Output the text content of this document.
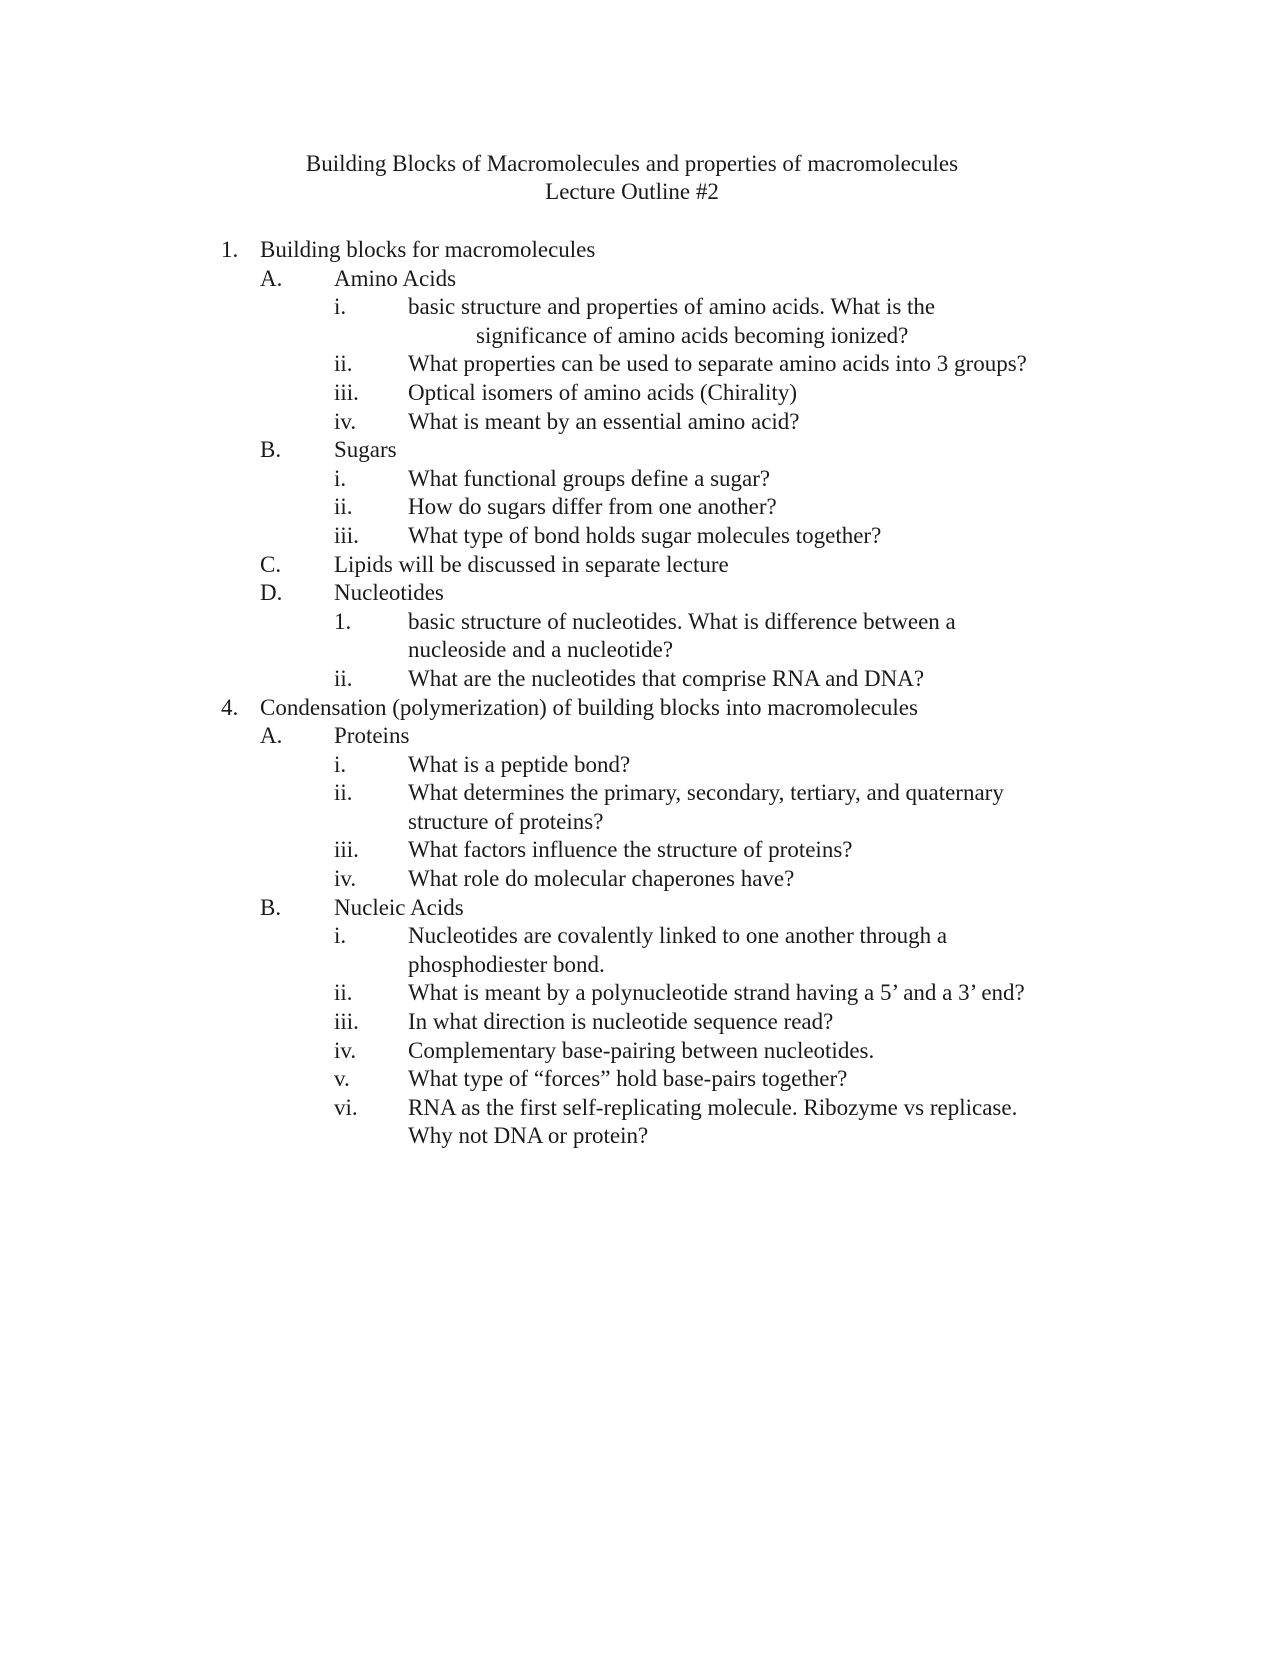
Building Blocks of Macromolecules and properties of macromolecules
Lecture Outline #2
1. Building blocks for macromolecules
A. Amino Acids
i.	basic structure and properties of amino acids. What is the
significance of amino acids becoming ionized?
ii. What properties can be used to separate amino acids into 3 groups?
iii. Optical isomers of amino acids (Chirality)
iv. What is meant by an essential amino acid?
B. Sugars
i.	What functional groups define a sugar?
ii. How do sugars differ from one another?
iii. What type of bond holds sugar molecules together?
C. Lipids will be discussed in separate lecture
D. Nucleotides
1. basic structure of nucleotides. What is difference between a
nucleoside and a nucleotide?
ii. What are the nucleotides that comprise RNA and DNA?
4. Condensation (polymerization) of building blocks into macromolecules
A. Proteins
i.	What is a peptide bond?
ii. What determines the primary, secondary, tertiary, and quaternary
structure of proteins?
iii. What factors influence the structure of proteins?
iv. What role do molecular chaperones have?
B. Nucleic Acids
i.	Nucleotides are covalently linked to one another through a
phosphodiester bond.
ii. What is meant by a polynucleotide strand having a 5’ and a 3’ end?
iii. In what direction is nucleotide sequence read?
iv. Complementary base-pairing between nucleotides.
v.	What type of “forces” hold base-pairs together?
vi. RNA as the first self-replicating molecule. Ribozyme vs replicase.
Why not DNA or protein?
